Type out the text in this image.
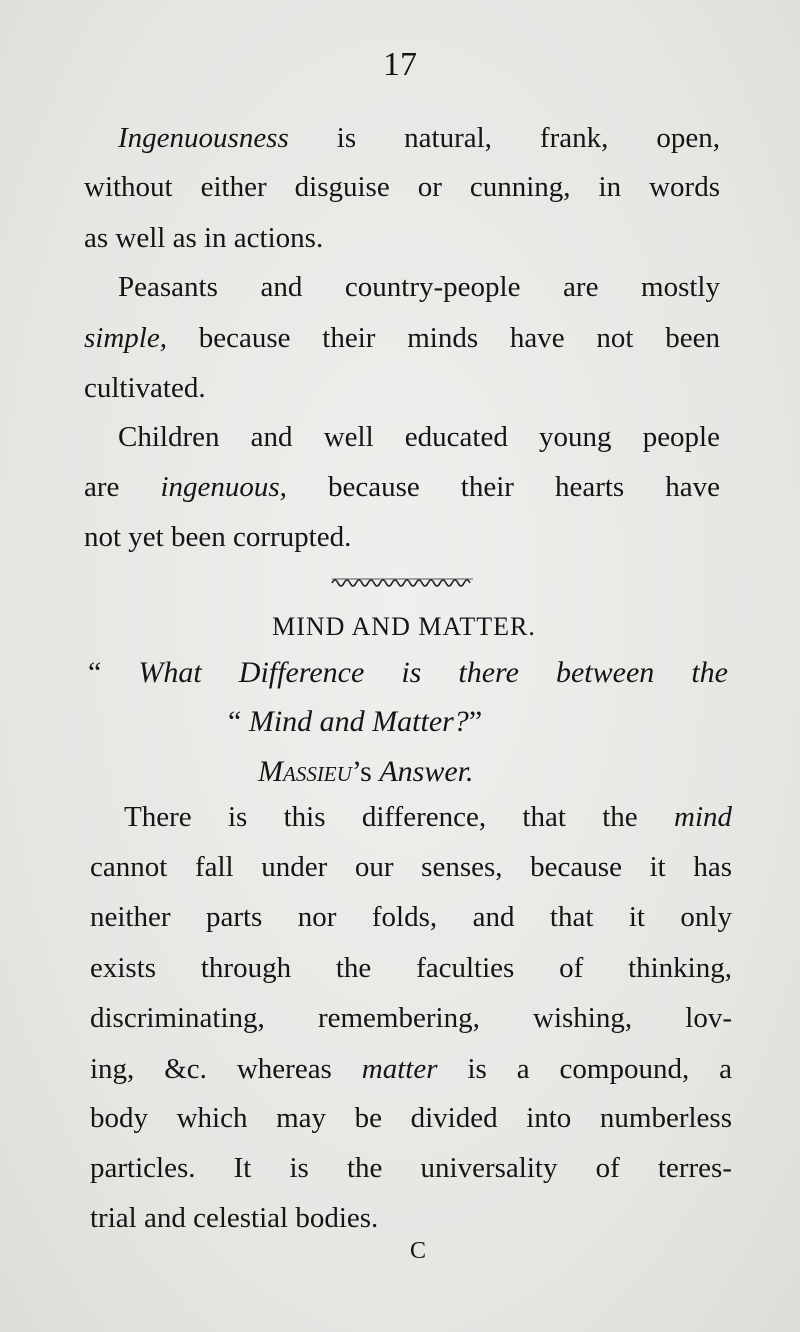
17
Ingenuousness is natural, frank, open,
without either disguise or cunning, in words
as well as in actions.
Peasants and country-people are mostly
simple, because their minds have not been
cultivated.
Children and well educated young people
are ingenuous, because their hearts have
not yet been corrupted.
MIND AND MATTER.
“ What Difference is there between the
“ Mind and Matter?”
Massieu’s Answer.
There is this difference, that the mind
cannot fall under our senses, because it has
neither parts nor folds, and that it only
exists through the faculties of thinking,
discriminating, remembering, wishing, lov-
ing, &c. whereas matter is a compound, a
body which may be divided into numberless
particles. It is the universality of terres-
trial and celestial bodies.
C
